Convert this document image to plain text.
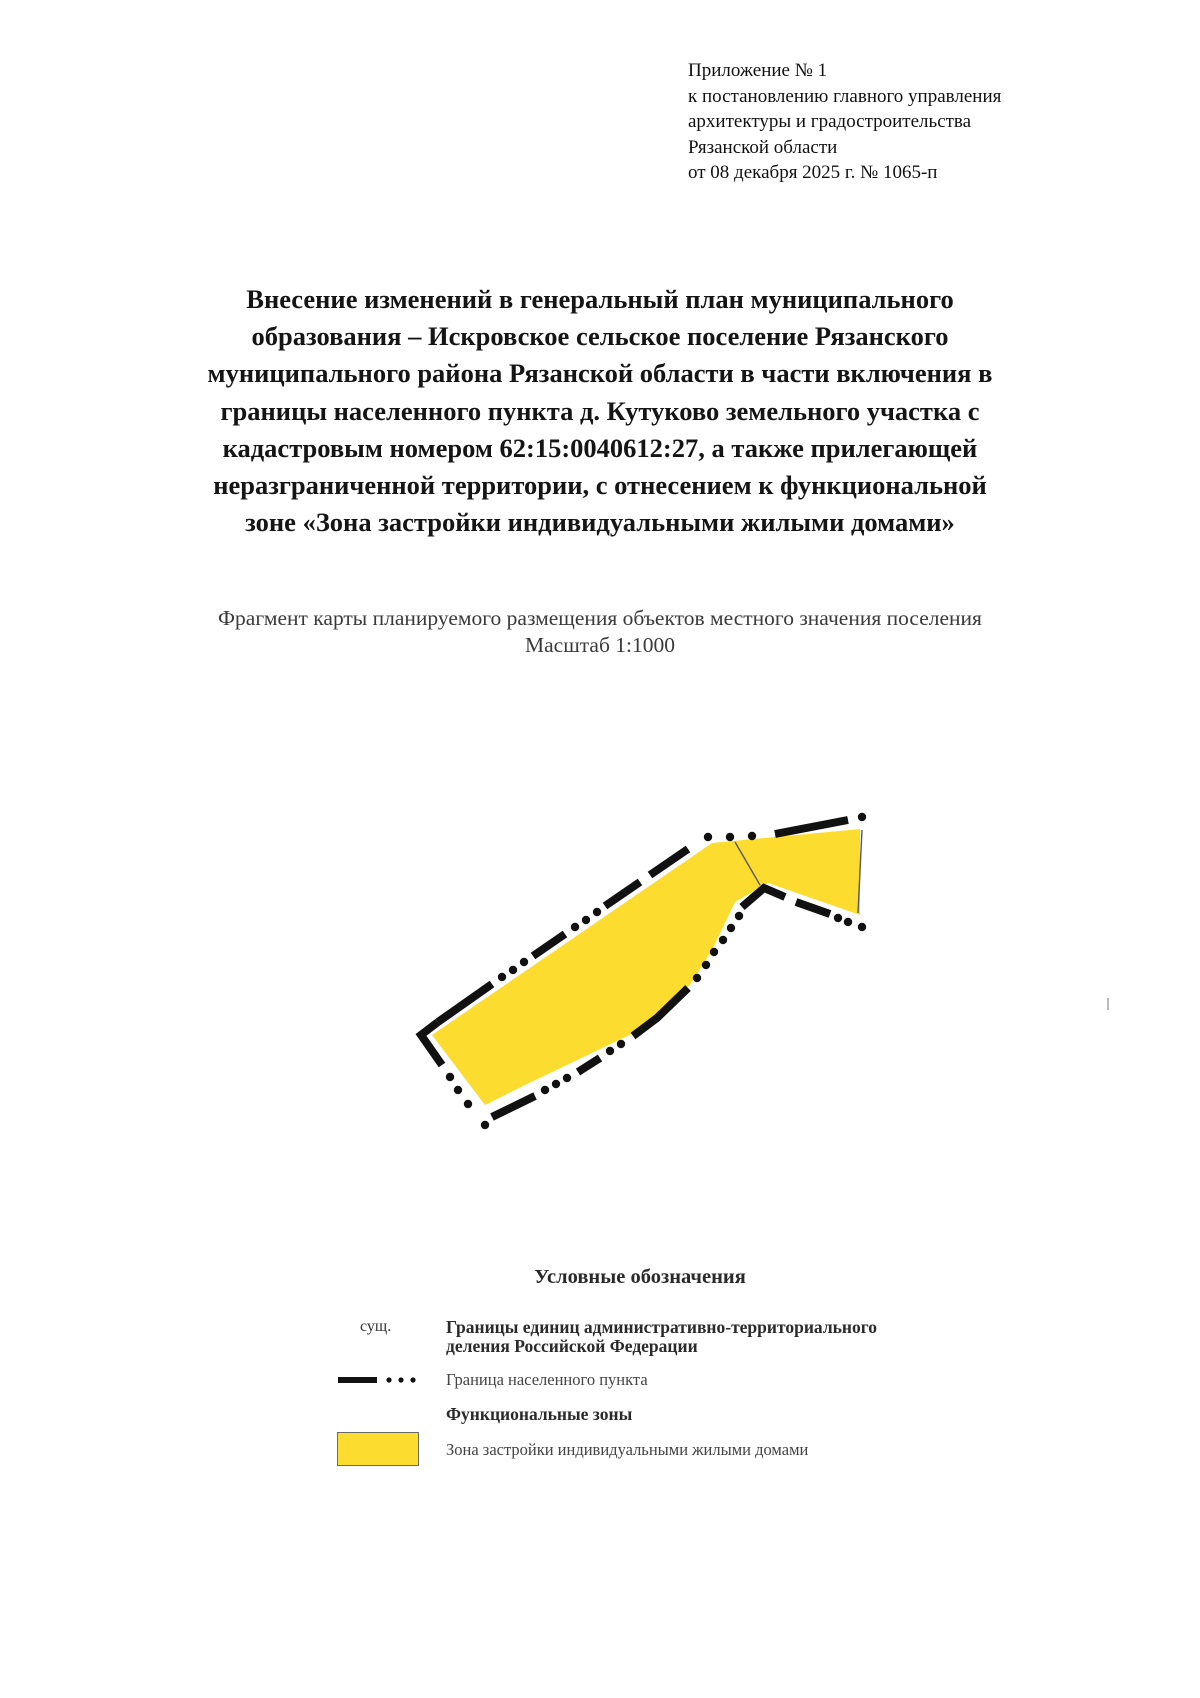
Приложение № 1
к постановлению главного управления
архитектуры и градостроительства
Рязанской области
от 08 декабря 2025 г. № 1065-п
Внесение изменений в генеральный план муниципального
образования – Искровское сельское поселение Рязанского
муниципального района Рязанской области в части включения в
границы населенного пункта д. Кутуково земельного участка с
кадастровым номером 62:15:0040612:27, а также прилегающей
неразграниченной территории, с отнесением к функциональной
зоне «Зона застройки индивидуальными жилыми домами»
Фрагмент карты планируемого размещения объектов местного значения поселения
Масштаб 1:1000
Условные обозначения
сущ.	Границы единиц административно-территориального
деления Российской Федерации
Граница населенного пункта
Функциональные зоны
Зона застройки индивидуальными жилыми домами
